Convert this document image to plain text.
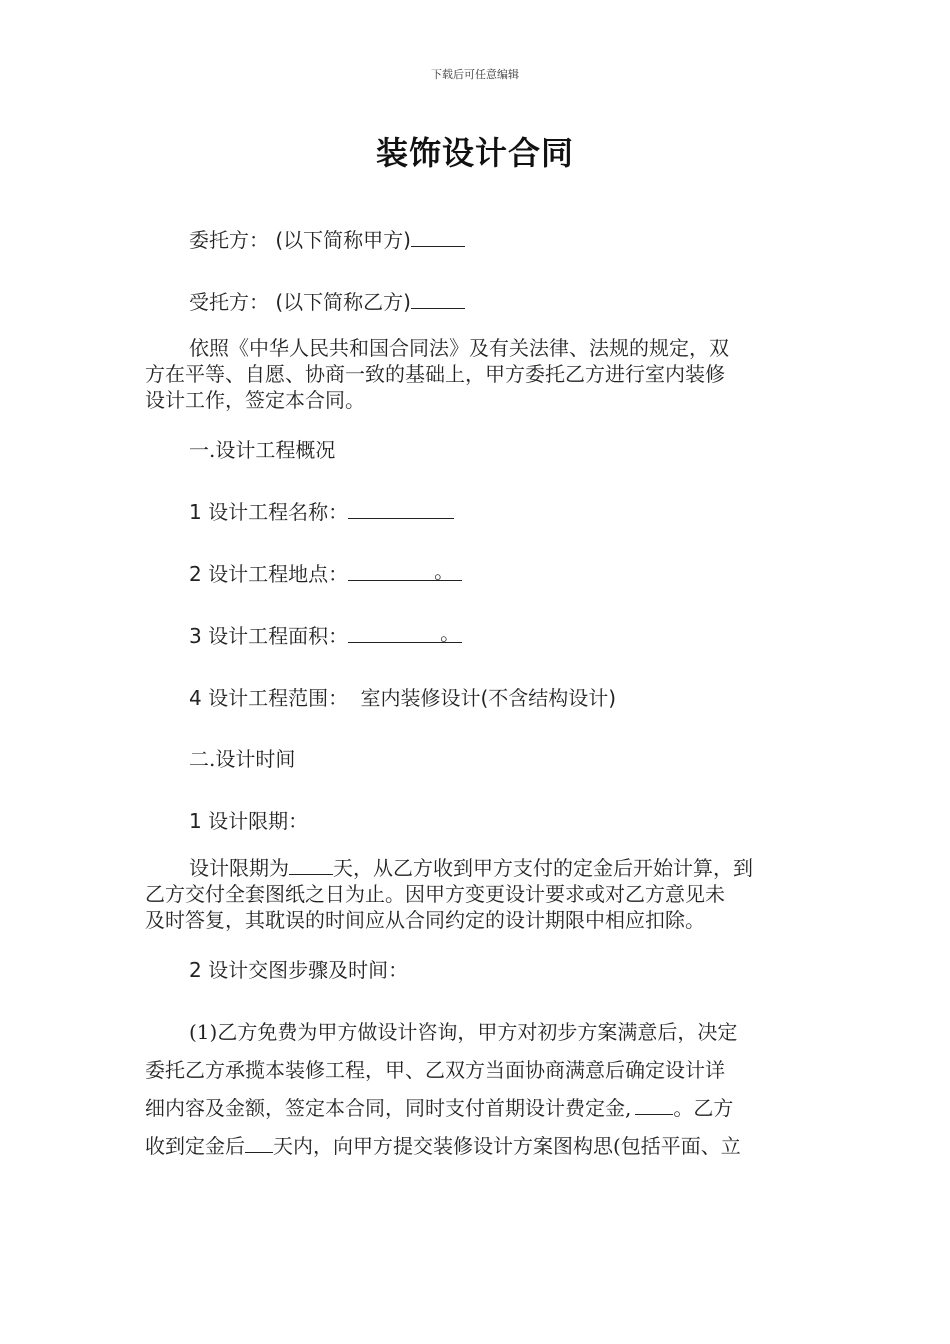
下载后可任意编辑
装饰设计合同
委托方： (以下简称甲方)
受托方： (以下简称乙方)
依照《中华人民共和国合同法》及有关法律、法规的规定，双
方在平等、自愿、协商一致的基础上，甲方委托乙方进行室内装修
设计工作，签定本合同。
一.设计工程概况
1 设计工程名称：
2 设计工程地点：	。
3 设计工程面积：	。
4 设计工程范围： 室内装修设计(不含结构设计)
二.设计时间
1 设计限期：
设计限期为 天，从乙方收到甲方支付的定金后开始计算，到
乙方交付全套图纸之日为止。因甲方变更设计要求或对乙方意见未
及时答复，其耽误的时间应从合同约定的设计期限中相应扣除。
2 设计交图步骤及时间：
(1)乙方免费为甲方做设计咨询，甲方对初步方案满意后，决定
委托乙方承揽本装修工程，甲、乙双方当面协商满意后确定设计详
细内容及金额，签定本合同，同时支付首期设计费定金, 。乙方
收到定金后 天内，向甲方提交装修设计方案图构思(包括平面、立
